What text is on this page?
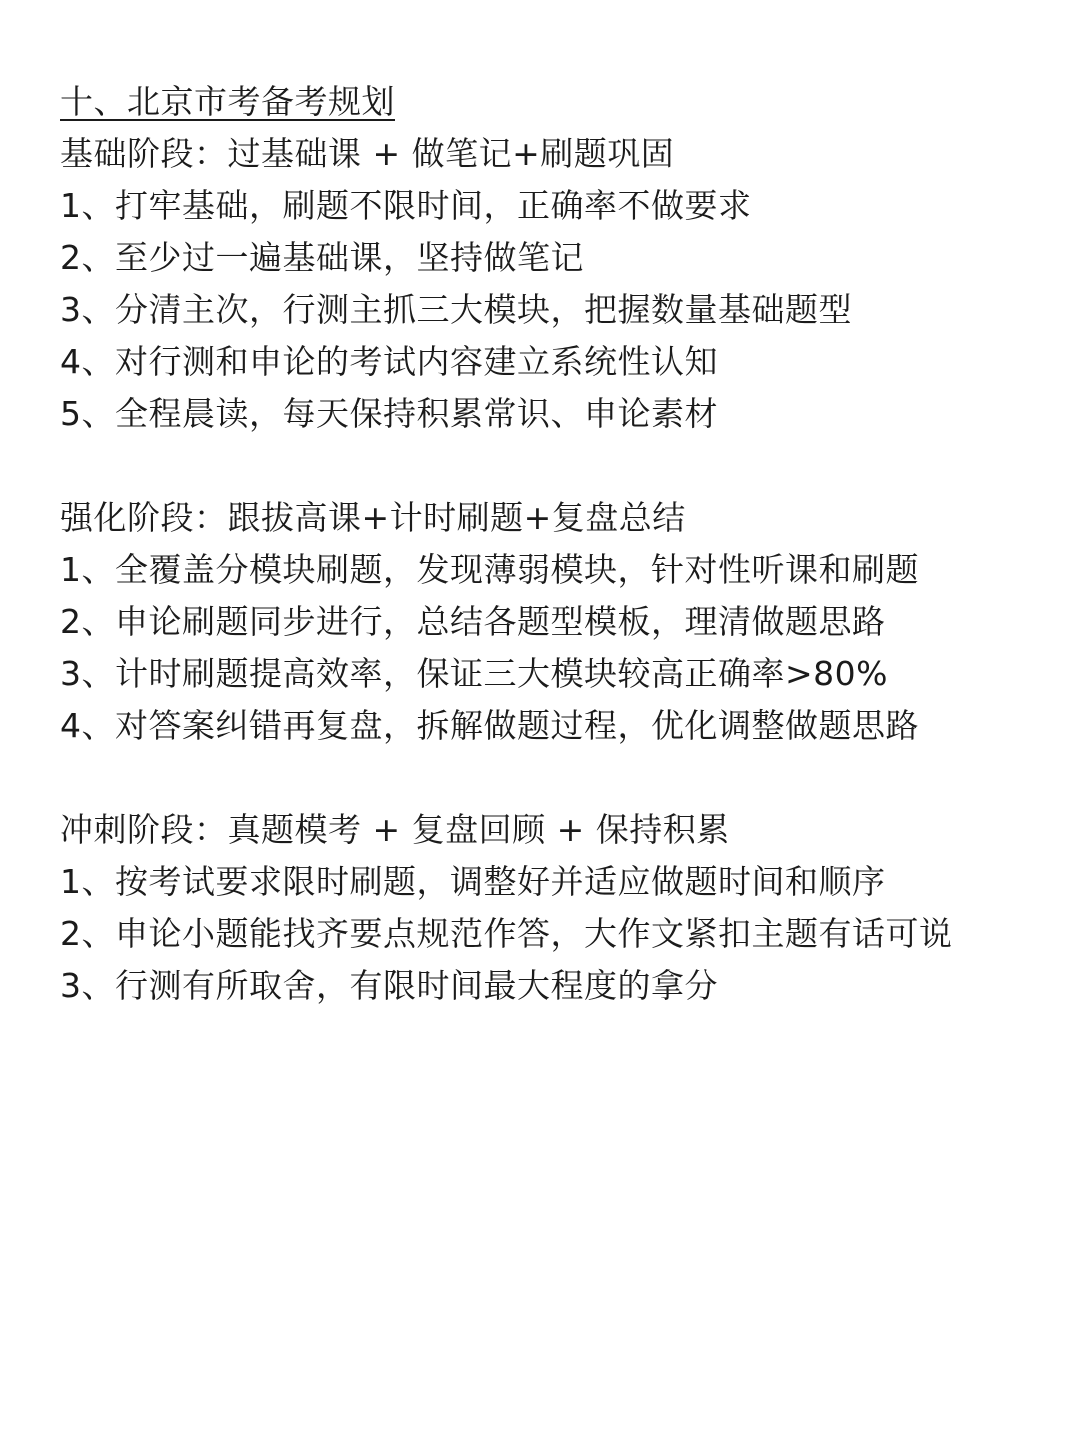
十、北京市考备考规划
基础阶段：过基础课 + 做笔记+刷题巩固
1、打牢基础，刷题不限时间，正确率不做要求
2、至少过一遍基础课，坚持做笔记
3、分清主次，行测主抓三大模块，把握数量基础题型
4、对行测和申论的考试内容建立系统性认知
5、全程晨读，每天保持积累常识、申论素材
强化阶段：跟拔高课+计时刷题+复盘总结
1、全覆盖分模块刷题，发现薄弱模块，针对性听课和刷题
2、申论刷题同步进行，总结各题型模板，理清做题思路
3、计时刷题提高效率，保证三大模块较高正确率>80%
4、对答案纠错再复盘，拆解做题过程，优化调整做题思路
冲刺阶段：真题模考 + 复盘回顾 + 保持积累
1、按考试要求限时刷题，调整好并适应做题时间和顺序
2、申论小题能找齐要点规范作答，大作文紧扣主题有话可说
3、行测有所取舍，有限时间最大程度的拿分
